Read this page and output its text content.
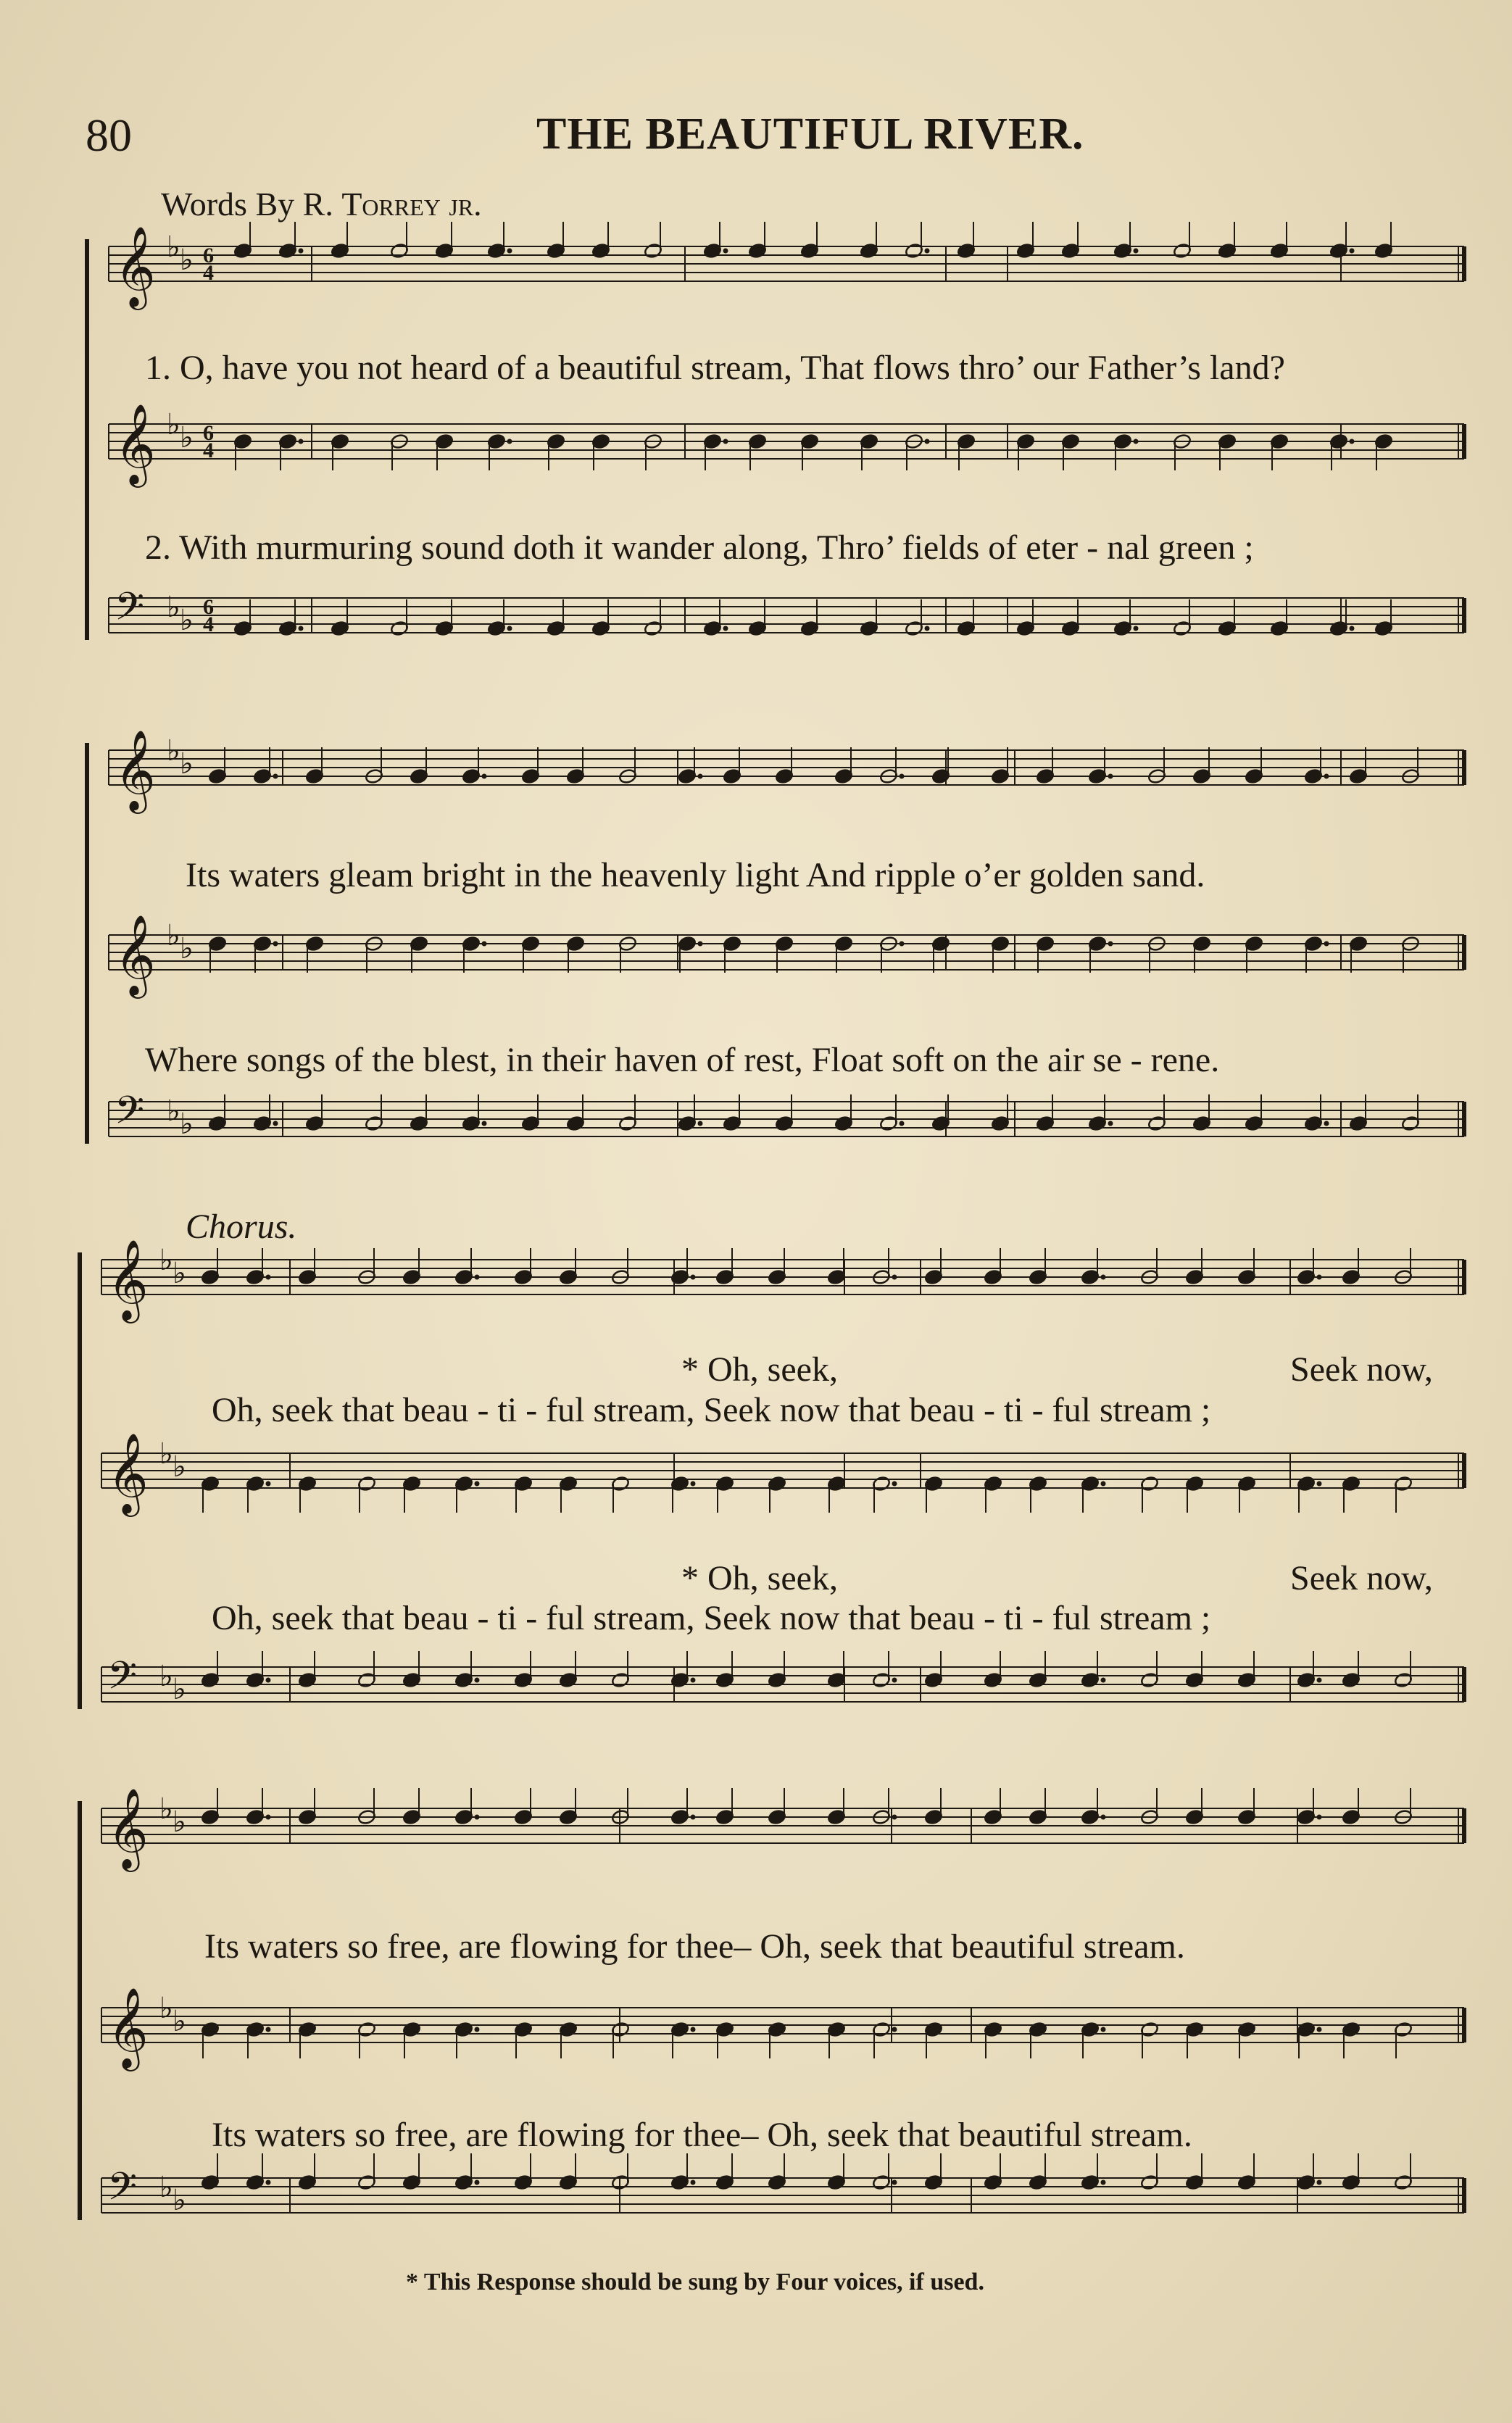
80	THE BEAUTIFUL RIVER.
Words By R. Torrey jr.
𝄞 ♭ ♭ 6
4
𝄞 ♭ ♭ 6
4
𝄢 ♭ ♭ 6
4
𝄞 ♭ ♭
𝄞 ♭ ♭
𝄢 ♭ ♭
𝄞 ♭ ♭
𝄞 ♭ ♭
𝄢 ♭ ♭
𝄞 ♭ ♭
𝄞 ♭ ♭
𝄢 ♭ ♭
1. O, have you not heard of a beautiful stream, That flows thro’ our Father’s land?
2. With murmuring sound doth it wander along, Thro’ fields of eter - nal green ;
Its waters gleam bright in the heavenly light And ripple o’er golden sand.
Where songs of the blest, in their haven of rest, Float soft on the air se - rene.
Chorus.
* Oh, seek,	Seek now,
Oh, seek that beau - ti - ful stream, Seek now that beau - ti - ful stream ;
* Oh, seek,	Seek now,
Oh, seek that beau - ti - ful stream, Seek now that beau - ti - ful stream ;
Its waters so free, are flowing for thee– Oh, seek that beautiful stream.
Its waters so free, are flowing for thee– Oh, seek that beautiful stream.
* This Response should be sung by Four voices, if used.
